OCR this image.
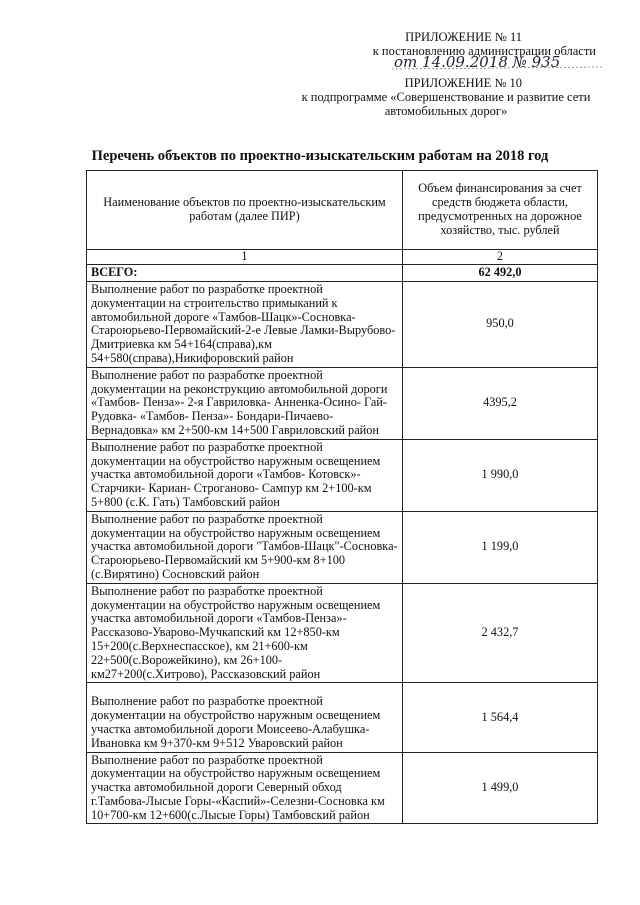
ПРИЛОЖЕНИЕ № 11
к постановлению администрации области
от 14.09.2018 № 935
ПРИЛОЖЕНИЕ № 10
к подпрограмме «Совершенствование и развитие сети автомобильных дорог»
Перечень объектов по проектно-изыскательским работам на 2018 год
Наименование объектов по проектно-изыскательским работам (далее ПИР)	Объем финансирования за счет средств бюджета области, предусмотренных на дорожное хозяйство, тыс. рублей
1	2
ВСЕГО:	62 492,0
Выполнение работ по разработке проектной документации на строительство примыканий к автомобильной дороге «Тамбов-Шацк»-Сосновка-Староюрьево-Первомайский-2-е Левые Ламки-Вырубово-Дмитриевка км 54+164(справа),км 54+580(справа),Никифоровский район	950,0
Выполнение работ по разработке проектной документации на реконструкцию автомобильной дороги «Тамбов- Пенза»- 2-я Гавриловка- Анненка-Осино- Гай- Рудовка- «Тамбов- Пенза»- Бондари-Пичаево- Вернадовка» км 2+500-км 14+500 Гавриловский район	4395,2
Выполнение работ по разработке проектной документации на обустройство наружным освещением участка автомобильной дороги «Тамбов- Котовск»-Старчики- Кариан- Строганово- Сампур км 2+100-км 5+800 (с.К. Гать) Тамбовский район	1 990,0
Выполнение работ по разработке проектной документации на обустройство наружным освещением участка автомобильной дороги "Тамбов-Шацк"-Сосновка-Староюрьево-Первомайский км 5+900-км 8+100 (с.Вирятино) Сосновский район	1 199,0
Выполнение работ по разработке проектной документации на обустройство наружным освещением участка автомобильной дороги «Тамбов-Пенза»-Рассказово-Уварово-Мучкапский км 12+850-км 15+200(с.Верхнеспасское), км 21+600-км 22+500(с.Ворожейкино), км 26+100-км27+200(с.Хитрово), Рассказовский район	2 432,7
Выполнение работ по разработке проектной документации на обустройство наружным освещением участка автомобильной дороги Моисеево-Алабушка-Ивановка км 9+370-км 9+512 Уваровский район	1 564,4
Выполнение работ по разработке проектной документации на обустройство наружным освещением участка автомобильной дороги Северный обход г.Тамбова-Лысые Горы-«Каспий»-Селезни-Сосновка км 10+700-км 12+600(с.Лысые Горы) Тамбовский район	1 499,0
